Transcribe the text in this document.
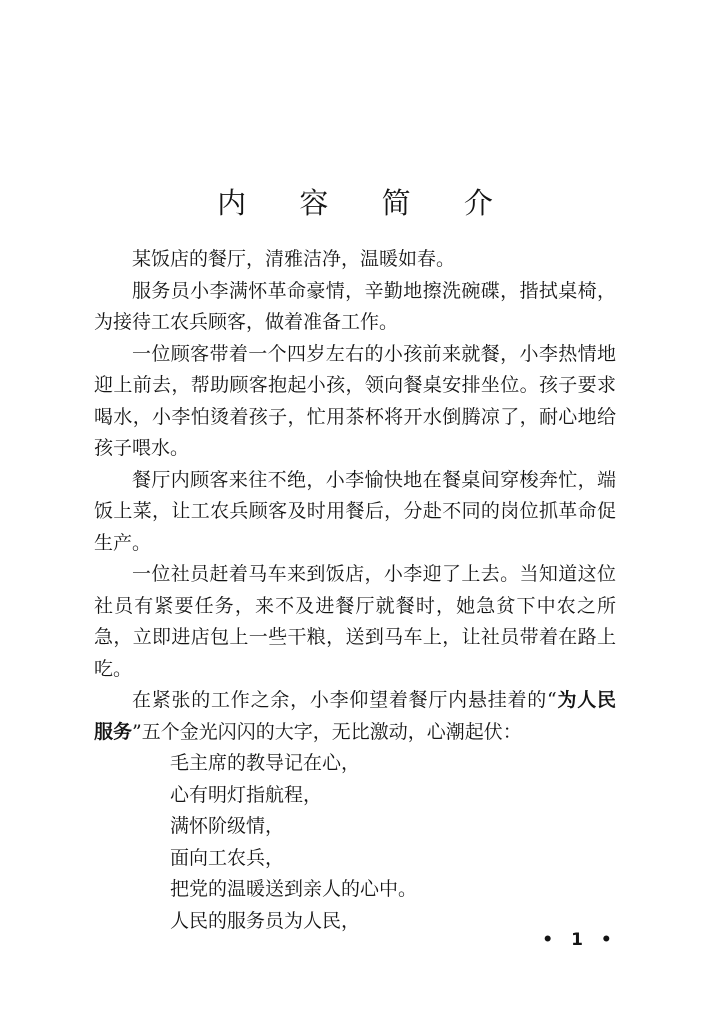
内 容 简 介

某饭店的餐厅，清雅洁净，温暖如春。

服务员小李满怀革命豪情，辛勤地擦洗碗碟，揩拭桌椅，为接待工农兵顾客，做着准备工作。

一位顾客带着一个四岁左右的小孩前来就餐，小李热情地迎上前去，帮助顾客抱起小孩，领向餐桌安排坐位。孩子要求喝水，小李怕烫着孩子，忙用茶杯将开水倒腾凉了，耐心地给孩子喂水。

餐厅内顾客来往不绝，小李愉快地在餐桌间穿梭奔忙，端饭上菜，让工农兵顾客及时用餐后，分赴不同的岗位抓革命促生产。

一位社员赶着马车来到饭店，小李迎了上去。当知道这位社员有紧要任务，来不及进餐厅就餐时，她急贫下中农之所急，立即进店包上一些干粮，送到马车上，让社员带着在路上吃。

在紧张的工作之余，小李仰望着餐厅内悬挂着的“为人民服务”五个金光闪闪的大字，无比激动，心潮起伏：

毛主席的教导记在心，
心有明灯指航程，
满怀阶级情，
面向工农兵，
把党的温暖送到亲人的心中。
人民的服务员为人民，
• 1 •
